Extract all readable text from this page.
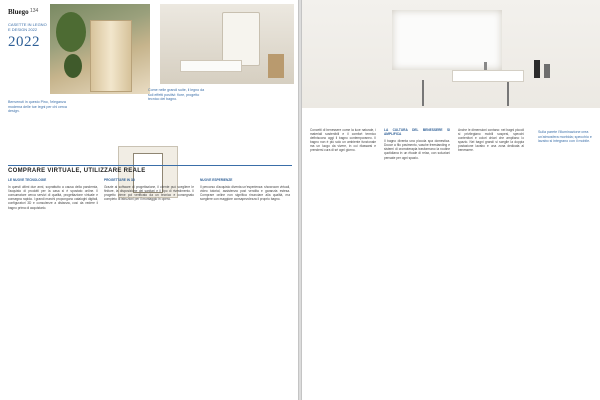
Bluego 134
CASETTE IN LEGNO E DESIGN 2022
2022
Benvenuti in questo Pino, l'eleganza moderna delle tue legni per chi cerca design.
Come nelle grandi suite, il legno da soli effetti positivi: fiore, progetto tecnico del bagno.
COMPRARE VIRTUALE, UTILIZZARE REALE

LE NUOVE TECNOLOGIE

In questi ultimi due anni, soprattutto a causa della pandemia, l'acquisto di prodotti per la casa si è spostato online. Il consumatore cerca servizi di qualità, progettazione virtuale e consegna rapida. I grandi marchi propongono cataloghi digitali, configuratori 3D e consulenze a distanza, così da vedere il bagno prima di acquistarlo.

PROGETTARE IN 3D

Grazie ai software di progettazione, il cliente può scegliere le finiture, la disposizione dei sanitari e il tipo di rivestimento. Il progetto viene poi verificato da un tecnico e consegnato completo di istruzioni per il montaggio in opera.

NUOVE ESPERIENZE

Il percorso d'acquisto diventa un'esperienza: showroom virtuali, video tutorial, assistenza post vendita e garanzia estesa. Comprare online non significa rinunciare alla qualità, ma scegliere con maggiore consapevolezza il proprio bagno.

Concetti di benessere come la luce naturale, i materiali sostenibili e il comfort termico definiscono oggi il bagno contemporaneo. Il bagno non è più solo un ambiente funzionale ma un luogo da vivere, in cui rilassarsi e prendersi cura di sé ogni giorno.

LA CULTURA DEL BENESSERE SI AMPLIFICA

Il bagno diventa una piccola spa domestica. Docce a filo pavimento, vasche freestanding e sistemi di cromoterapia trasformano la routine quotidiana in un rituale di relax, con soluzioni pensate per ogni spazio.

Anche le dimensioni contano: nei bagni piccoli si privilegiano mobili sospesi, specchi contenitori e colori chiari che ampliano lo spazio. Nei bagni grandi si sceglie la doppia postazione lavabo e una zona dedicata al benessere.

Sulla parete l'illuminazione crea un'atmosfera morbida; specchio e lavabo si integrano con il mobile.
